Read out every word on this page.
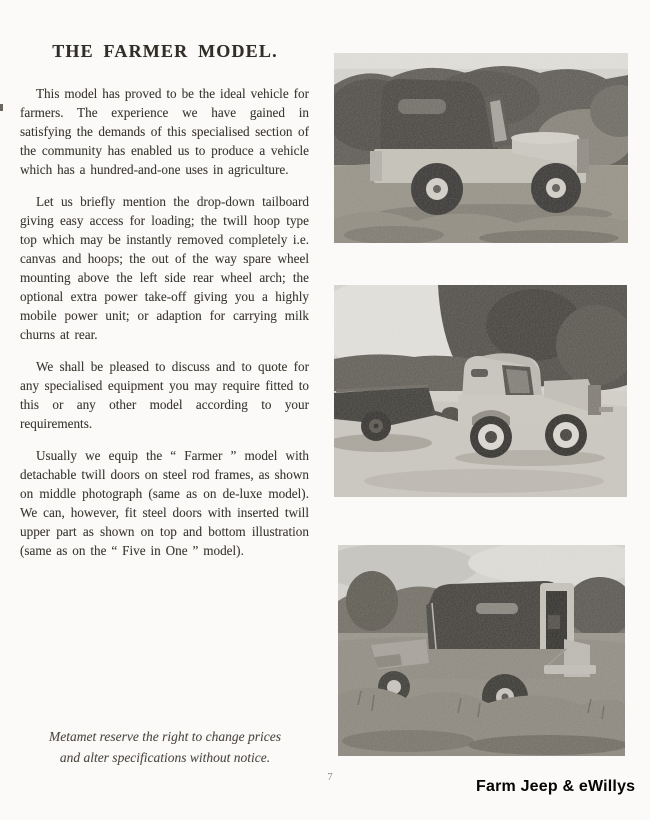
THE FARMER MODEL.

This model has proved to be the ideal vehicle for farmers. The experience we have gained in satisfying the demands of this specialised section of the community has enabled us to produce a vehicle which has a hundred-and-one uses in agriculture.

Let us briefly mention the drop-down tailboard giving easy access for loading; the twill hoop type top which may be instantly removed completely i.e. canvas and hoops; the out of the way spare wheel mounting above the left side rear wheel arch; the optional extra power take-off giving you a highly mobile power unit; or adaption for carrying milk churns at rear.

We shall be pleased to discuss and to quote for any specialised equipment you may require fitted to this or any other model according to your requirements.

Usually we equip the “ Farmer ” model with detachable twill doors on steel rod frames, as shown on middle photograph (same as on de-luxe model). We can, however, fit steel doors with inserted twill upper part as shown on top and bottom illustration (same as on the “ Five in One ” model).

Metamet reserve the right to change prices
and alter specifications without notice.
7
Farm Jeep & eWillys
